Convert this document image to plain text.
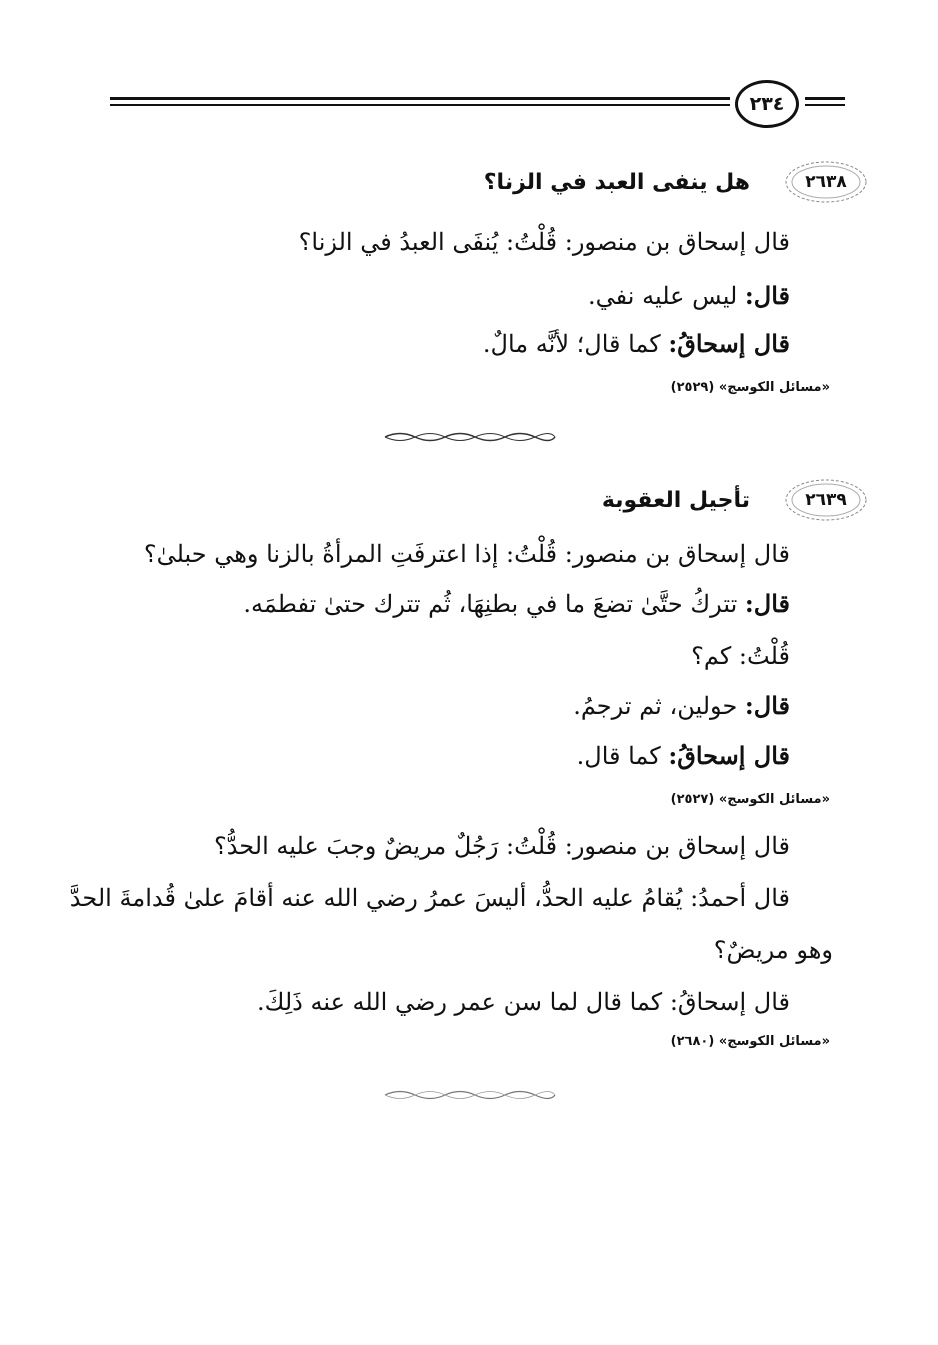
٢٣٤
٢٦٣٨
هل ينفى العبد في الزنا؟
قال إسحاق بن منصور: قُلْتُ: يُنفَى العبدُ في الزنا؟
قال: ليس عليه نفي.
قال إسحاقُ: كما قال؛ لأنَّه مالٌ.
«مسائل الكوسج» (٢٥٢٩)
٢٦٣٩
تأجيل العقوبة
قال إسحاق بن منصور: قُلْتُ: إذا اعترفَتِ المرأةُ بالزنا وهي حبلىٰ؟
قال: تتركُ حتَّىٰ تضعَ ما في بطنِهَا، ثُم تترك حتىٰ تفطمَه.
قُلْتُ: كم؟
قال: حولين، ثم ترجمُ.
قال إسحاقُ: كما قال.
«مسائل الكوسج» (٢٥٢٧)
قال إسحاق بن منصور: قُلْتُ: رَجُلٌ مريضٌ وجبَ عليه الحدُّ؟
قال أحمدُ: يُقامُ عليه الحدُّ، أليسَ عمرُ رضي الله عنه أقامَ علىٰ قُدامةَ الحدَّ
وهو مريضٌ؟
قال إسحاقُ: كما قال لما سن عمر رضي الله عنه ذَلِكَ.
«مسائل الكوسج» (٢٦٨٠)
